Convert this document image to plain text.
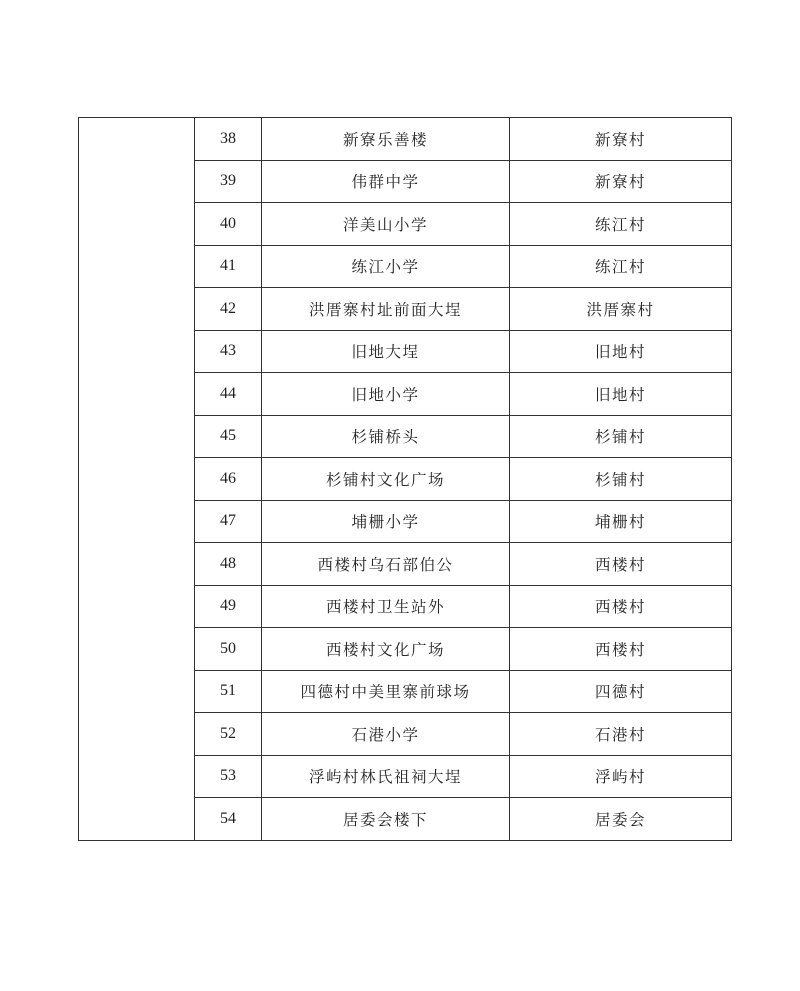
	38	新寮乐善楼	新寮村
	39	伟群中学	新寮村
	40	洋美山小学	练江村
	41	练江小学	练江村
	42	洪厝寨村址前面大埕	洪厝寨村
	43	旧地大埕	旧地村
	44	旧地小学	旧地村
	45	杉铺桥头	杉铺村
	46	杉铺村文化广场	杉铺村
	47	埔栅小学	埔栅村
	48	西楼村乌石部伯公	西楼村
	49	西楼村卫生站外	西楼村
	50	西楼村文化广场	西楼村
	51	四德村中美里寨前球场	四德村
	52	石港小学	石港村
	53	浮屿村林氏祖祠大埕	浮屿村
	54	居委会楼下	居委会
